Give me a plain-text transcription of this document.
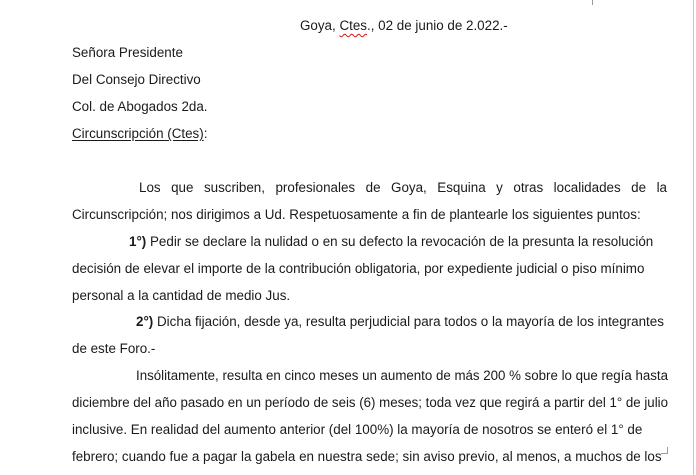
Goya, Ctes., 02 de junio de 2.022.-
Señora Presidente
Del Consejo Directivo
Col. de Abogados 2da.
Circunscripción (Ctes):
Los que suscriben, profesionales de Goya, Esquina y otras localidades de la
Circunscripción; nos dirigimos a Ud. Respetuosamente a fin de plantearle los siguientes puntos:
1°) Pedir se declare la nulidad o en su defecto la revocación de la presunta la resolución
decisión de elevar el importe de la contribución obligatoria, por expediente judicial o piso mínimo
personal a la cantidad de medio Jus.
2°) Dicha fijación, desde ya, resulta perjudicial para todos o la mayoría de los integrantes
de este Foro.-
Insólitamente, resulta en cinco meses un aumento de más 200 % sobre lo que regía hasta
diciembre del año pasado en un período de seis (6) meses; toda vez que regirá a partir del 1° de julio
inclusive. En realidad del aumento anterior (del 100%) la mayoría de nosotros se enteró el 1° de
febrero; cuando fue a pagar la gabela en nuestra sede; sin aviso previo, al menos, a muchos de los
